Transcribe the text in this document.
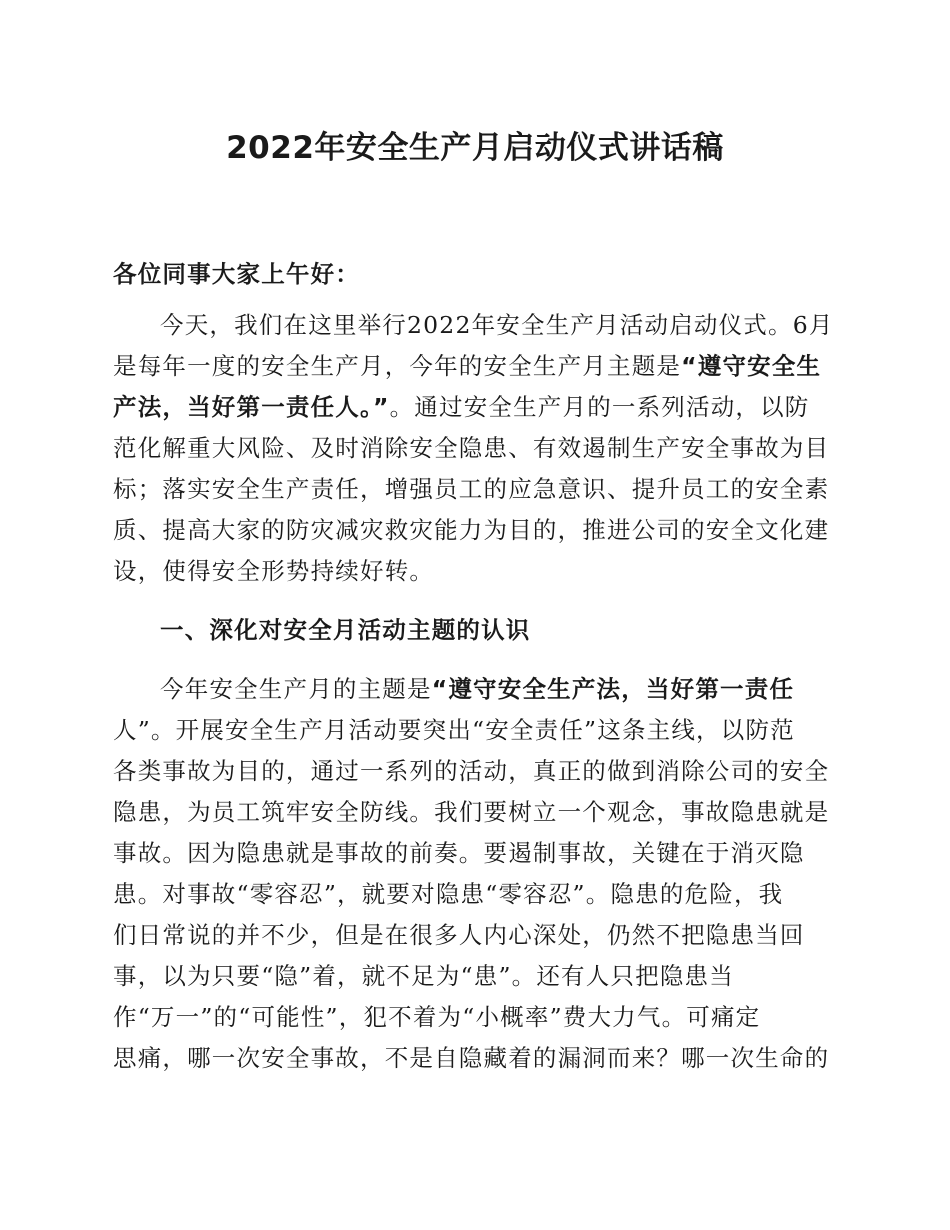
2022年安全生产月启动仪式讲话稿
各位同事大家上午好：
今天，我们在这里举行2022年安全生产月活动启动仪式。6月
是每年一度的安全生产月，今年的安全生产月主题是“遵守安全生
产法，当好第一责任人。”。通过安全生产月的一系列活动，以防
范化解重大风险、及时消除安全隐患、有效遏制生产安全事故为目
标；落实安全生产责任，增强员工的应急意识、提升员工的安全素
质、提高大家的防灾减灾救灾能力为目的，推进公司的安全文化建
设，使得安全形势持续好转。
一、深化对安全月活动主题的认识
今年安全生产月的主题是“遵守安全生产法，当好第一责任
人”。开展安全生产月活动要突出“安全责任”这条主线，以防范
各类事故为目的，通过一系列的活动，真正的做到消除公司的安全
隐患，为员工筑牢安全防线。我们要树立一个观念，事故隐患就是
事故。因为隐患就是事故的前奏。要遏制事故，关键在于消灭隐
患。对事故“零容忍”，就要对隐患“零容忍”。隐患的危险，我
们日常说的并不少，但是在很多人内心深处，仍然不把隐患当回
事，以为只要“隐”着，就不足为“患”。还有人只把隐患当
作“万一”的“可能性”，犯不着为“小概率”费大力气。可痛定
思痛，哪一次安全事故，不是自隐藏着的漏洞而来？哪一次生命的
